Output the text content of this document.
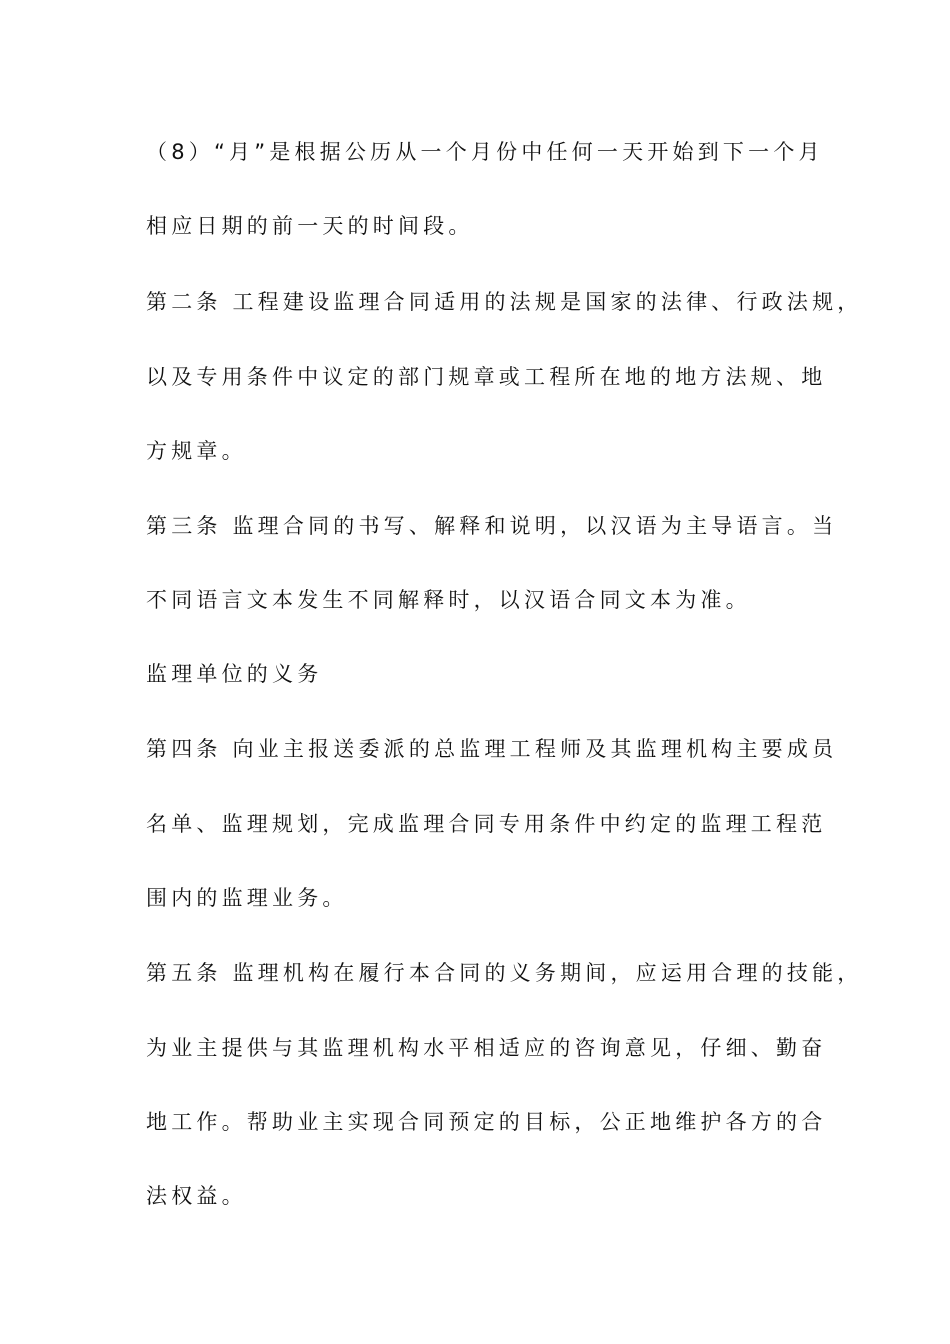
（8）“月”是根据公历从一个月份中任何一天开始到下一个月
相应日期的前一天的时间段。
第二条 工程建设监理合同适用的法规是国家的法律、行政法规，
以及专用条件中议定的部门规章或工程所在地的地方法规、地
方规章。
第三条 监理合同的书写、解释和说明，以汉语为主导语言。当
不同语言文本发生不同解释时，以汉语合同文本为准。
监理单位的义务
第四条 向业主报送委派的总监理工程师及其监理机构主要成员
名单、监理规划，完成监理合同专用条件中约定的监理工程范
围内的监理业务。
第五条 监理机构在履行本合同的义务期间，应运用合理的技能，
为业主提供与其监理机构水平相适应的咨询意见，仔细、勤奋
地工作。帮助业主实现合同预定的目标，公正地维护各方的合
法权益。
